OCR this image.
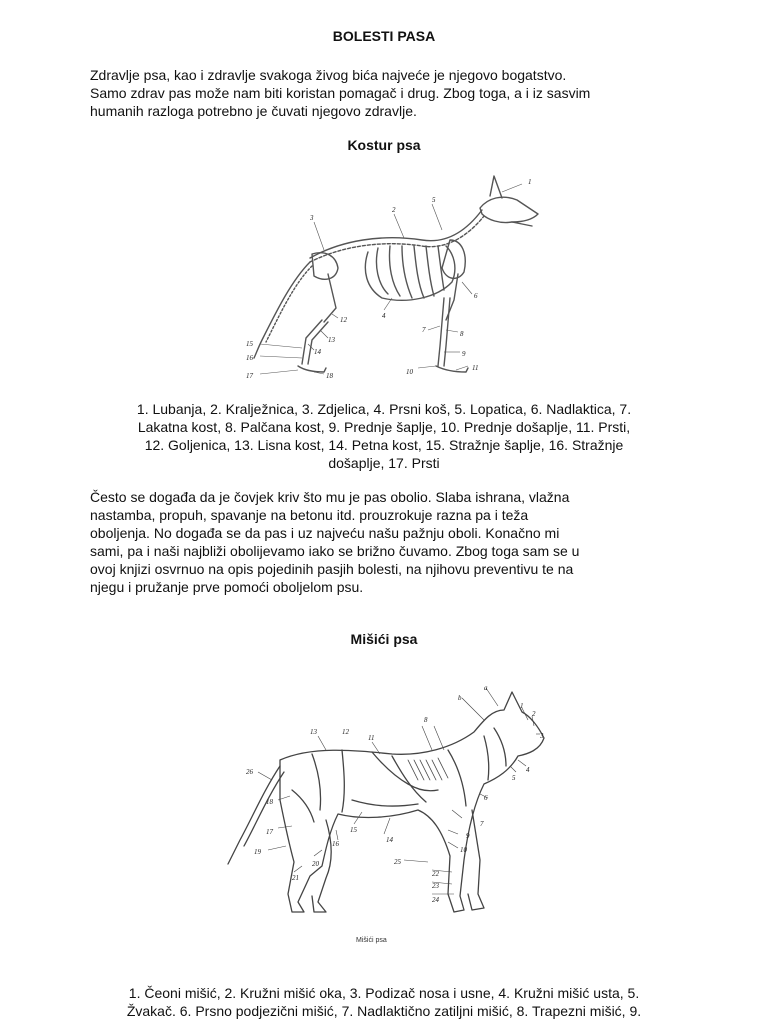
BOLESTI PASA
Zdravlje psa, kao i zdravlje svakoga živog bića najveće je njegovo bogatstvo.
Samo zdrav pas može nam biti koristan pomagač i drug. Zbog toga, a i iz sasvim
humanih razloga potrebno je čuvati njegovo zdravlje.
Kostur psa
1
2
3
4
5
6
7	8
9
10	11
12
13
14
15
16
17	18
1. Lubanja, 2. Kralježnica, 3. Zdjelica, 4. Prsni koš, 5. Lopatica, 6. Nadlaktica, 7.
Lakatna kost, 8. Palčana kost, 9. Prednje šaplje, 10. Prednje došaplje, 11. Prsti,
12. Goljenica, 13. Lisna kost, 14. Petna kost, 15. Stražnje šaplje, 16. Stražnje
došaplje, 17. Prsti
Često se događa da je čovjek kriv što mu je pas obolio. Slaba ishrana, vlažna
nastamba, propuh, spavanje na betonu itd. prouzrokuje razna pa i teža
oboljenja. No događa se da pas i uz najveću našu pažnju oboli. Konačno mi
sami, pa i naši najbliži obolijevamo iako se brižno čuvamo. Zbog toga sam se u
ovoj knjizi osvrnuo na opis pojedinih pasjih bolesti, na njihovu preventivu te na
njegu i pružanje prve pomoći oboljelom psu.
Mišići psa
a
b
1
2
3
4
5
6
7
8
9
10
11
12
13
14
15
16
17
18
19
20
21	22
23
24
25
26
Mišići psa
1. Čeoni mišić, 2. Kružni mišić oka, 3. Podizač nosa i usne, 4. Kružni mišić usta, 5.
Žvakač. 6. Prsno podjezični mišić, 7. Nadlaktično zatiljni mišić, 8. Trapezni mišić, 9.
